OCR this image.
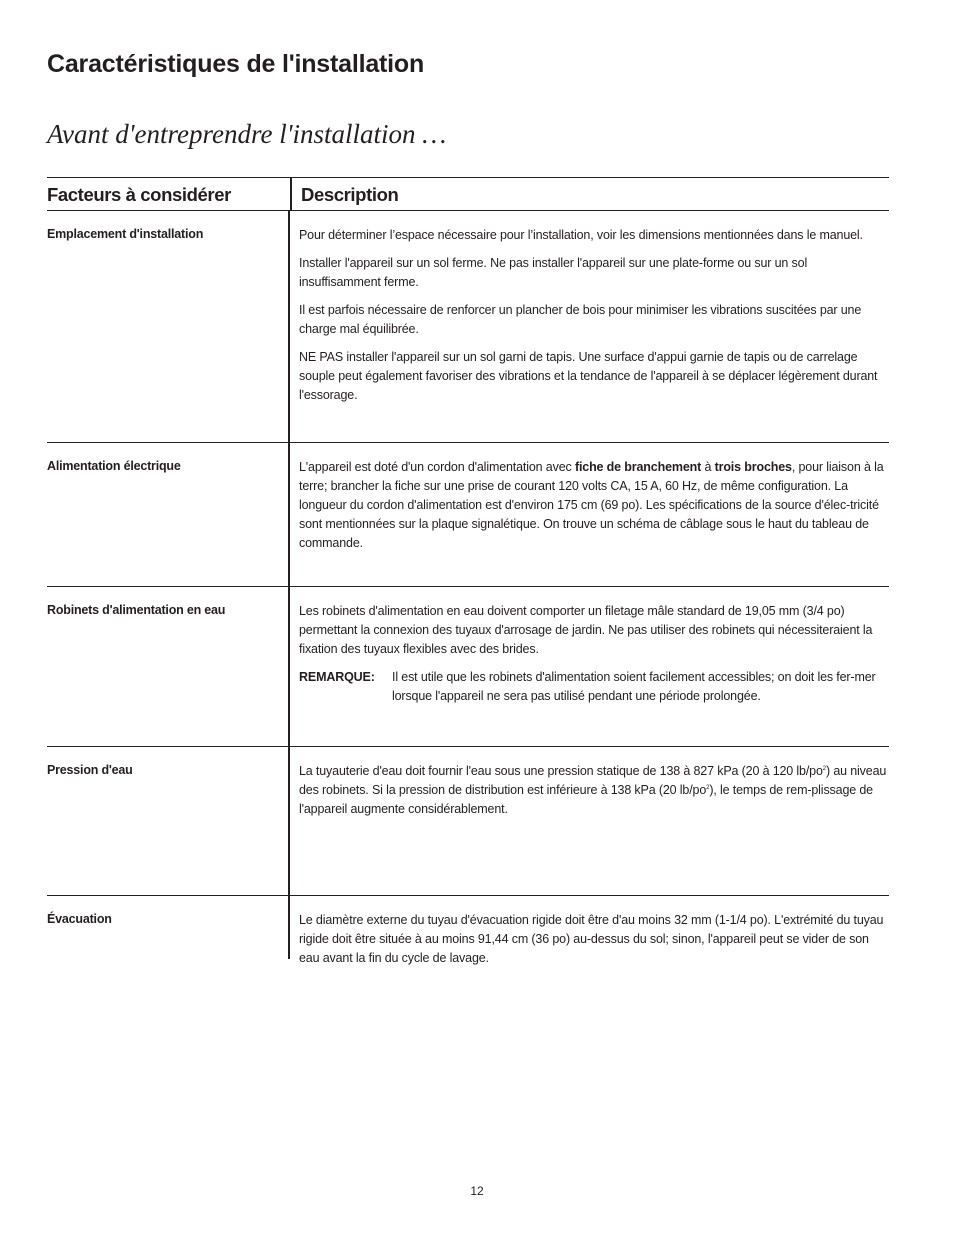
Caractéristiques de l'installation
Avant d'entreprendre l'installation …
Facteurs à considérer	Description
Emplacement d'installation	Pour déterminer l’espace nécessaire pour l’installation, voir les dimensions mentionnées dans le manuel.

Installer l'appareil sur un sol ferme. Ne pas installer l'appareil sur une plate-forme ou sur un sol insuffisamment ferme.

Il est parfois nécessaire de renforcer un plancher de bois pour minimiser les vibrations suscitées par une charge mal équilibrée.

NE PAS installer l'appareil sur un sol garni de tapis. Une surface d'appui garnie de tapis ou de carrelage souple peut également favoriser des vibrations et la tendance de l'appareil à se déplacer légèrement durant l'essorage.

Alimentation électrique	L'appareil est doté d'un cordon d'alimentation avec fiche de branchement à trois broches, pour liaison à la terre; brancher la fiche sur une prise de courant 120 volts CA, 15 A, 60 Hz, de même configuration. La longueur du cordon d'alimentation est d'environ 175 cm (69 po). Les spécifications de la source d'élec-tricité sont mentionnées sur la plaque signalétique. On trouve un schéma de câblage sous le haut du tableau de commande.

Robinets d'alimentation en eau	Les robinets d'alimentation en eau doivent comporter un filetage mâle standard de 19,05 mm (3/4 po) permettant la connexion des tuyaux d'arrosage de jardin. Ne pas utiliser des robinets qui nécessiteraient la fixation des tuyaux flexibles avec des brides.

REMARQUE:	Il est utile que les robinets d'alimentation soient facilement accessibles; on doit les fer-mer lorsque l'appareil ne sera pas utilisé pendant une période prolongée.
Pression d'eau	La tuyauterie d'eau doit fournir l'eau sous une pression statique de 138 à 827 kPa (20 à 120 $lb/po^2$) au niveau des robinets. Si la pression de distribution est inférieure à 138 kPa (20 $lb/po^2$), le temps de rem-plissage de l'appareil augmente considérablement.

Évacuation	Le diamètre externe du tuyau d'évacuation rigide doit être d'au moins 32 mm (1-1/4 po). L'extrémité du tuyau rigide doit être située à au moins 91,44 cm (36 po) au-dessus du sol; sinon, l'appareil peut se vider de son eau avant la fin du cycle de lavage.

12
